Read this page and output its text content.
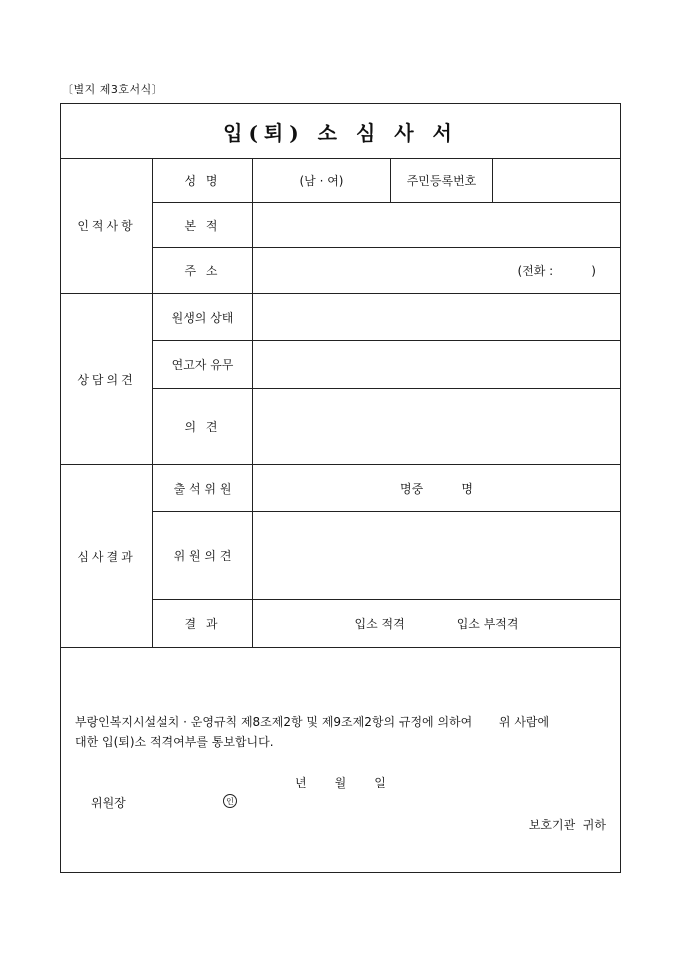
〔별지 제3호서식〕
입(퇴) 소 심 사 서
인적사항
성 명	(남 · 여)	주민등록번호
본 적
주 소	(전화 :          )
상담의견
원생의 상태
연고자 유무
의 견
심사결과
출 석 위 원	명중          명
위 원 의 견
결 과	입소 적격	입소 부적격
부랑인복지시설설치 · 운영규칙 제8조제2항 및 제9조제2항의 규정에 의하여       위 사람에
대한 입(퇴)소 적격여부를 통보합니다.
년 월 일
위원장	인
보호기관  귀하
